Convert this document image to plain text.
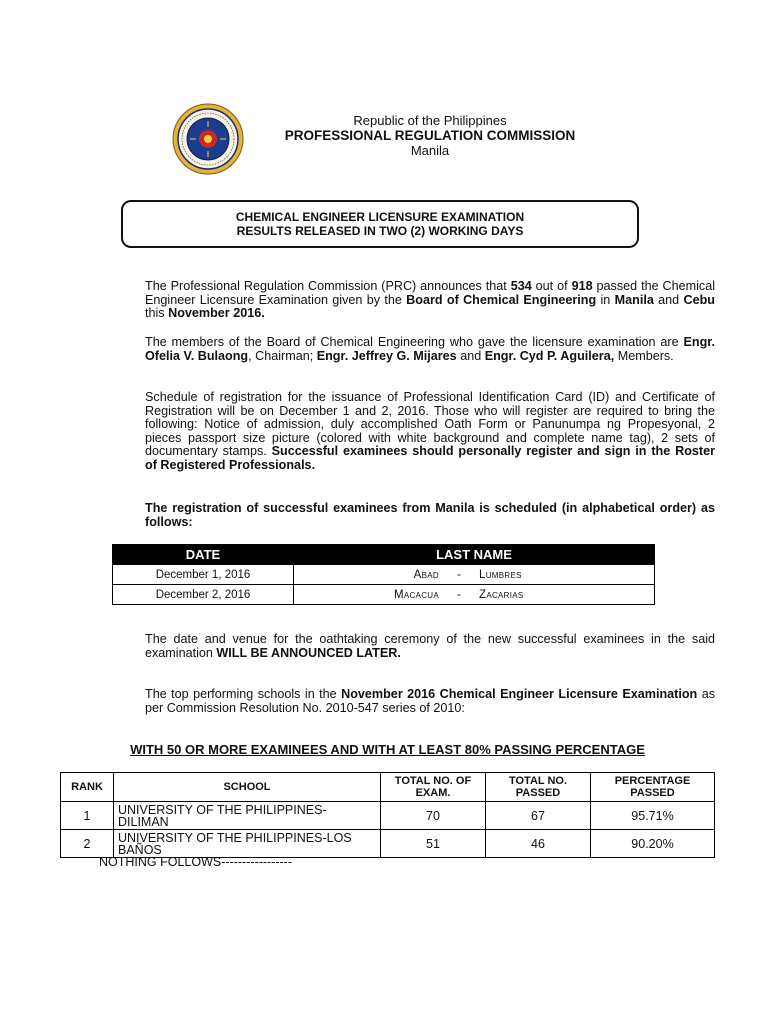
Republic of the Philippines
PROFESSIONAL REGULATION COMMISSION
Manila
CHEMICAL ENGINEER LICENSURE EXAMINATION
RESULTS RELEASED IN TWO (2) WORKING DAYS

The Professional Regulation Commission (PRC) announces that 534 out of 918 passed the Chemical Engineer Licensure Examination given by the Board of Chemical Engineering in Manila and Cebu this November 2016.

The members of the Board of Chemical Engineering who gave the licensure examination are Engr. Ofelia V. Bulaong, Chairman; Engr. Jeffrey G. Mijares and Engr. Cyd P. Aguilera, Members.

Schedule of registration for the issuance of Professional Identification Card (ID) and Certificate of Registration will be on December 1 and 2, 2016. Those who will register are required to bring the following: Notice of admission, duly accomplished Oath Form or Panunumpa ng Propesyonal, 2 pieces passport size picture (colored with white background and complete name tag), 2 sets of documentary stamps. Successful examinees should personally register and sign in the Roster of Registered Professionals.

The registration of successful examinees from Manila is scheduled (in alphabetical order) as follows:

DATE	LAST NAME		
December 1, 2016	Abad	-	Lumbres
December 2, 2016	Macacua	-	Zacarias

The date and venue for the oathtaking ceremony of the new successful examinees in the said examination WILL BE ANNOUNCED LATER.

The top performing schools in the November 2016 Chemical Engineer Licensure Examination as per Commission Resolution No. 2010-547 series of 2010:

WITH 50 OR MORE EXAMINEES AND WITH AT LEAST 80% PASSING PERCENTAGE
RANK	SCHOOL	TOTAL NO. OF EXAM.	TOTAL NO. PASSED	PERCENTAGE PASSED
1	UNIVERSITY OF THE PHILIPPINES-DILIMAN	70	67	95.71%
2	UNIVERSITY OF THE PHILIPPINES-LOS BAÑOS	51	46	90.20%
NOTHING FOLLOWS-----------------
